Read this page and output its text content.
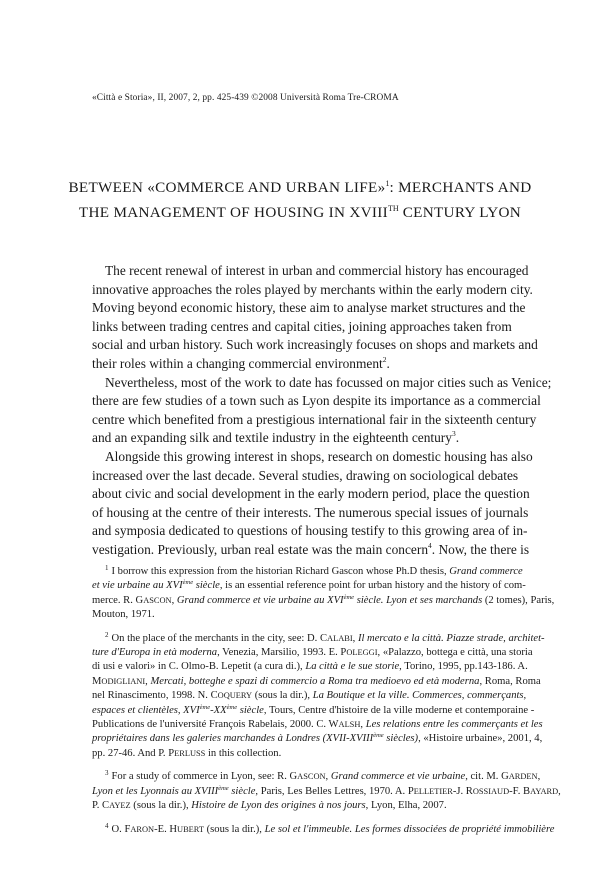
«Città e Storia», II, 2007, 2, pp. 425-439 ©2008 Università Roma Tre-CROMA
BETWEEN «COMMERCE AND URBAN LIFE»$^1$: MERCHANTS AND
THE MANAGEMENT OF HOUSING IN XVIIITH CENTURY LYON
The recent renewal of interest in urban and commercial history has encouraged
innovative approaches the roles played by merchants within the early modern city.
Moving beyond economic history, these aim to analyse market structures and the
links between trading centres and capital cities, joining approaches taken from
social and urban history. Such work increasingly focuses on shops and markets and
their roles within a changing commercial environment$^2$.
Nevertheless, most of the work to date has focussed on major cities such as Venice;
there are few studies of a town such as Lyon despite its importance as a commercial
centre which benefited from a prestigious international fair in the sixteenth century
and an expanding silk and textile industry in the eighteenth century$^3$.
Alongside this growing interest in shops, research on domestic housing has also
increased over the last decade. Several studies, drawing on sociological debates
about civic and social development in the early modern period, place the question
of housing at the centre of their interests. The numerous special issues of journals
and symposia dedicated to questions of housing testify to this growing area of in-
vestigation. Previously, urban real estate was the main concern$^4$. Now, the there is
$^1$ I borrow this expression from the historian Richard Gascon whose Ph.D thesis, Grand commerce
et vie urbaine au XVIème siècle, is an essential reference point for urban history and the history of com-
merce. R. GASCON, Grand commerce et vie urbaine au XVIème siècle. Lyon et ses marchands (2 tomes), Paris,
Mouton, 1971.
$^2$ On the place of the merchants in the city, see: D. CALABI, Il mercato e la città. Piazze strade, architet-
ture d'Europa in età moderna, Venezia, Marsilio, 1993. E. POLEGGI, «Palazzo, bottega e città, una storia
di usi e valori» in C. Olmo-B. Lepetit (a cura di.), La città e le sue storie, Torino, 1995, pp.143-186. A.
MODIGLIANI, Mercati, botteghe e spazi di commercio a Roma tra medioevo ed età moderna, Roma, Roma
nel Rinascimento, 1998. N. COQUERY (sous la dir.), La Boutique et la ville. Commerces, commerçants,
espaces et clientèles, XVIème-XXème siècle, Tours, Centre d'histoire de la ville moderne et contemporaine -
Publications de l'université François Rabelais, 2000. C. WALSH, Les relations entre les commerçants et les
propriétaires dans les galeries marchandes à Londres (XVII-XVIIIème siècles), «Histoire urbaine», 2001, 4,
pp. 27-46. And P. PERLUSS in this collection.
$^3$ For a study of commerce in Lyon, see: R. GASCON, Grand commerce et vie urbaine, cit. M. GARDEN,
Lyon et les Lyonnais au XVIIIème siècle, Paris, Les Belles Lettres, 1970. A. PELLETIER-J. ROSSIAUD-F. BAYARD,
P. CAYEZ (sous la dir.), Histoire de Lyon des origines à nos jours, Lyon, Elha, 2007.
$^4$ O. FARON-E. HUBERT (sous la dir.), Le sol et l'immeuble. Les formes dissociées de propriété immobilière
